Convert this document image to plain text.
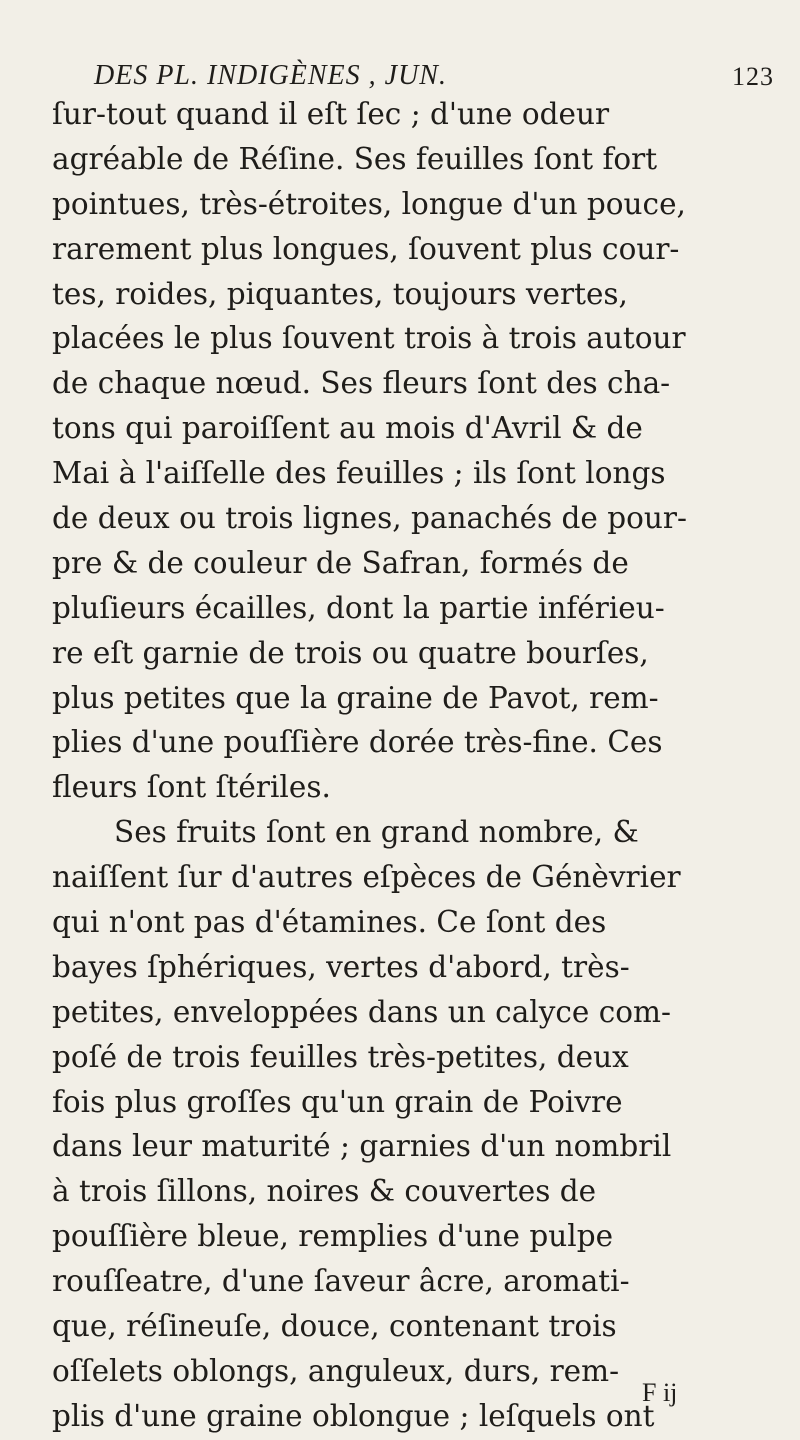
DES PL. INDIGÈNES , JUN.	123
ſur-tout quand il eſt ſec ; d'une odeur
agréable de Réſine. Ses feuilles ſont fort
pointues, très-étroites, longue d'un pouce,
rarement plus longues, ſouvent plus cour-
tes, roides, piquantes, toujours vertes,
placées le plus ſouvent trois à trois autour
de chaque nœud. Ses fleurs ſont des cha-
tons qui paroiſſent au mois d'Avril & de
Mai à l'aiſſelle des feuilles ; ils ſont longs
de deux ou trois lignes, panachés de pour-
pre & de couleur de Safran, formés de
pluſieurs écailles, dont la partie inférieu-
re eſt garnie de trois ou quatre bourſes,
plus petites que la graine de Pavot, rem-
plies d'une pouſſière dorée très-fine. Ces
fleurs ſont ſtériles.
Ses fruits ſont en grand nombre, &
naiſſent ſur d'autres eſpèces de Génèvrier
qui n'ont pas d'étamines. Ce ſont des
bayes ſphériques, vertes d'abord, très-
petites, enveloppées dans un calyce com-
poſé de trois feuilles très-petites, deux
fois plus groſſes qu'un grain de Poivre
dans leur maturité ; garnies d'un nombril
à trois ſillons, noires & couvertes de
pouſſière bleue, remplies d'une pulpe
rouſſeatre, d'une ſaveur âcre, aromati-
que, réſineuſe, douce, contenant trois
oſſelets oblongs, anguleux, durs, rem-
plis d'une graine oblongue ; leſquels ont
F ij
